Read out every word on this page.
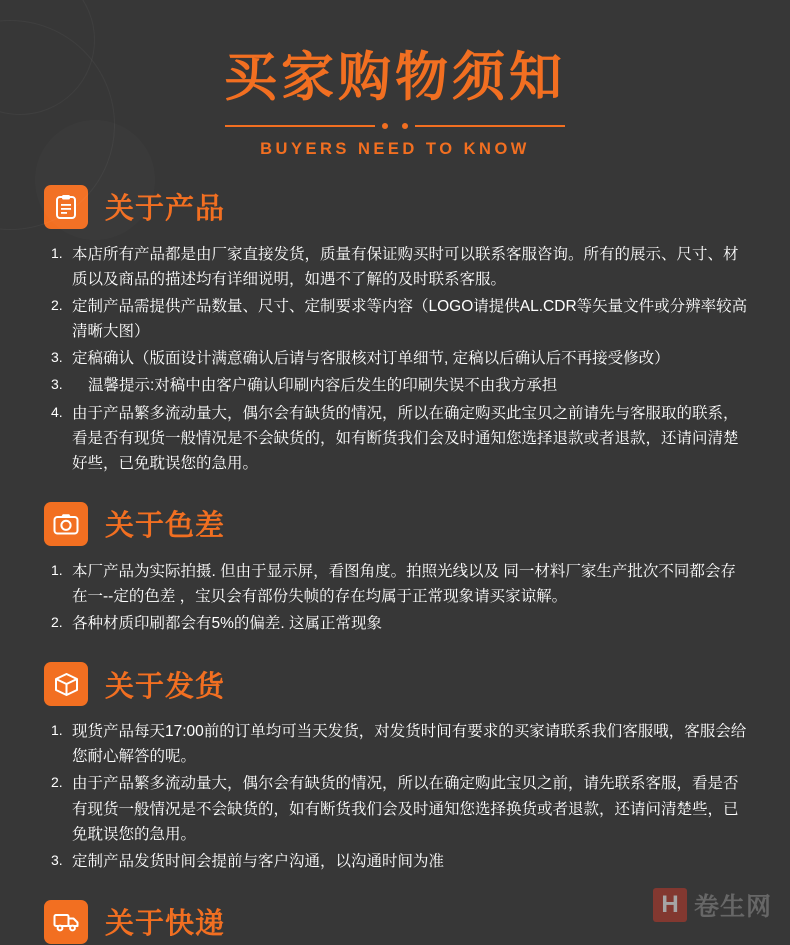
买家购物须知
BUYERS NEED TO KNOW
关于产品
本店所有产品都是由厂家直接发货，质量有保证购买时可以联系客服咨询。所有的展示、尺寸、材质以及商品的描述均有详细说明，如遇不了解的及时联系客服。
定制产品需提供产品数量、尺寸、定制要求等内容（LOGO请提供AL.CDR等矢量文件或分辨率较高清晰大图）
定稿确认（版面设计满意确认后请与客服核对订单细节, 定稿以后确认后不再接受修改）
温馨提示:对稿中由客户确认印刷内容后发生的印刷失误不由我方承担
由于产品繁多流动量大，偶尔会有缺货的情况，所以在确定购买此宝贝之前请先与客服取的联系，看是否有现货一般情况是不会缺货的，如有断货我们会及时通知您选择退款或者退款，还请问清楚好些，已免耽误您的急用。
关于色差
本厂产品为实际拍摄. 但由于显示屏，看图角度。拍照光线以及 同一材料厂家生产批次不同都会存在一--定的色差 ，宝贝会有部份失帧的存在均属于正常现象请买家谅解。
各种材质印刷都会有5%的偏差. 这属正常现象
关于发货
现货产品每天17:00前的订单均可当天发货，对发货时间有要求的买家请联系我们客服哦，客服会给您耐心解答的呢。
由于产品繁多流动量大，偶尔会有缺货的情况，所以在确定购此宝贝之前，请先联系客服，看是否有现货一般情况是不会缺货的，如有断货我们会及时通知您选择换货或者退款，还请问清楚些，已免耽误您的急用。
定制产品发货时间会提前与客户沟通，以沟通时间为准
关于快递
H 卷生网
